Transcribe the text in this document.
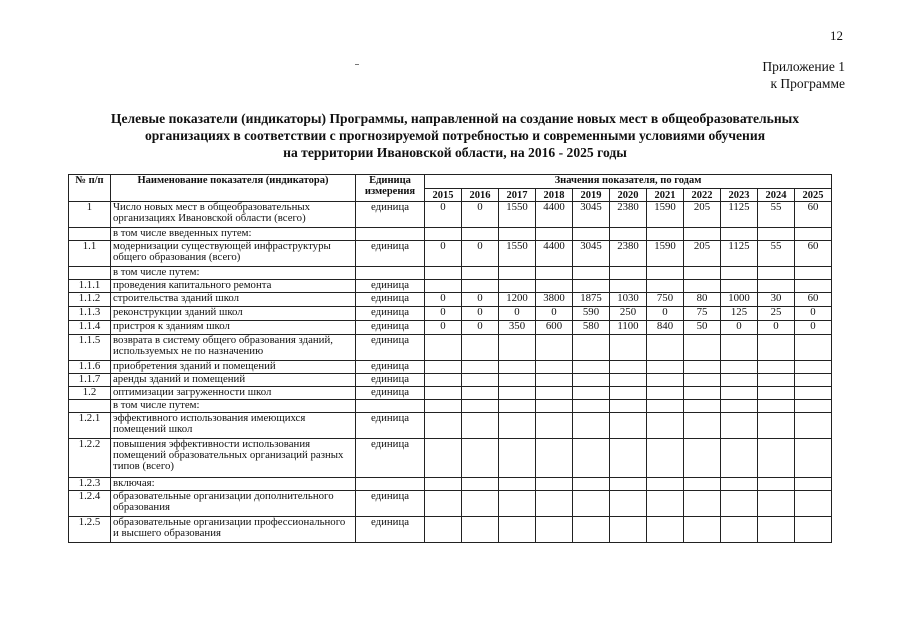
12
Приложение 1
к Программе
Целевые показатели (индикаторы) Программы, направленной на создание новых мест в общеобразовательных
организациях в соответствии с прогнозируемой потребностью и современными условиями обучения
на территории Ивановской области, на 2016 - 2025 годы
№ п/п	Наименование показателя (индикатора)	Единица измерения	Значения показателя, по годам										
			2015	2016	2017	2018	2019	2020	2021	2022	2023	2024	2025
1	Число новых мест в общеобразовательных организациях Ивановской области (всего)	единица	0	0	1550	4400	3045	2380	1590	205	1125	55	60
	в том числе введенных путем:												
1.1	модернизации существующей инфраструктуры общего образования (всего)	единица	0	0	1550	4400	3045	2380	1590	205	1125	55	60
	в том числе путем:												
1.1.1	проведения капитального ремонта	единица											
1.1.2	строительства зданий школ	единица	0	0	1200	3800	1875	1030	750	80	1000	30	60
1.1.3	реконструкции зданий школ	единица	0	0	0	0	590	250	0	75	125	25	0
1.1.4	пристроя к зданиям школ	единица	0	0	350	600	580	1100	840	50	0	0	0
1.1.5	возврата в систему общего образования зданий, используемых не по назначению	единица											
1.1.6	приобретения зданий и помещений	единица											
1.1.7	аренды зданий и помещений	единица											
1.2	оптимизации загруженности школ	единица											
	в том числе путем:												
1.2.1	эффективного использования имеющихся помещений школ	единица											
1.2.2	повышения эффективности использования помещений образовательных организаций разных типов (всего)	единица											
1.2.3	включая:												
1.2.4	образовательные организации дополнительного образования	единица											
1.2.5	образовательные организации профессионального и высшего образования	единица											
